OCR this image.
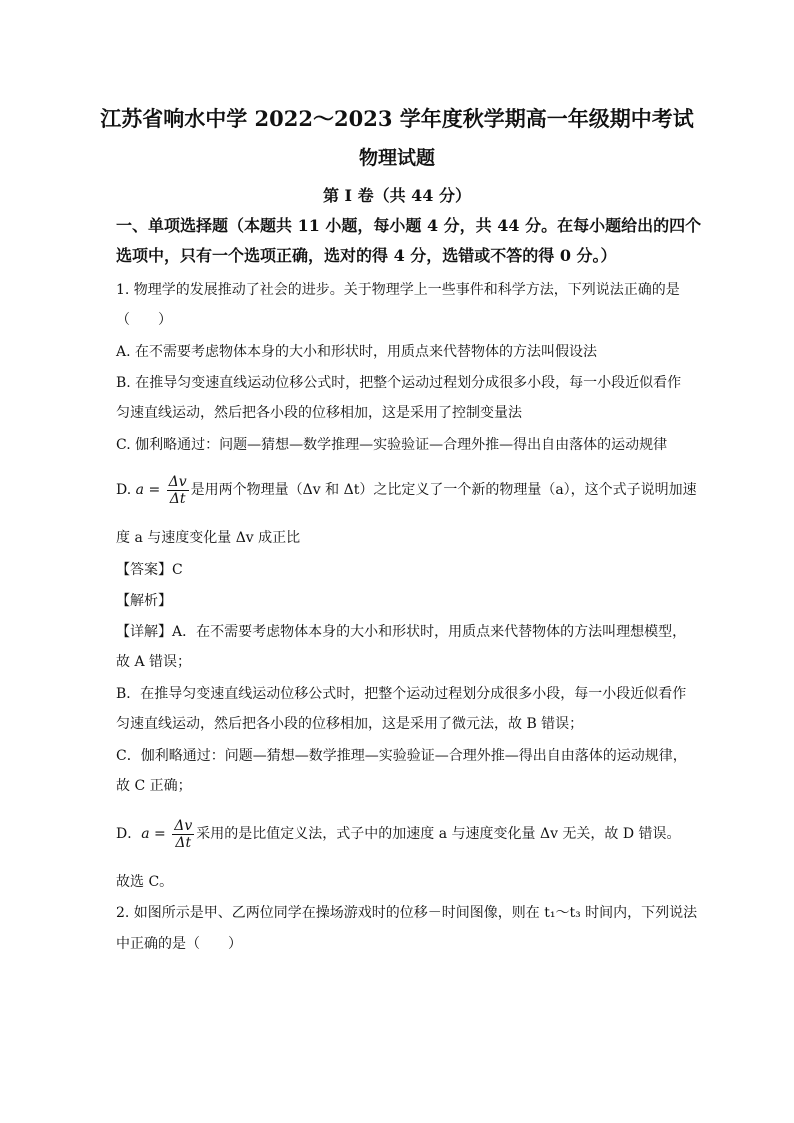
江苏省响水中学 2022～2023 学年度秋学期高一年级期中考试
物理试题
第 I 卷（共 44 分）
一、单项选择题（本题共 11 小题，每小题 4 分，共 44 分。在每小题给出的四个
选项中，只有一个选项正确，选对的得 4 分，选错或不答的得 0 分。）
1. 物理学的发展推动了社会的进步。关于物理学上一些事件和科学方法，下列说法正确的是
（　　）
A. 在不需要考虑物体本身的大小和形状时，用质点来代替物体的方法叫假设法
B. 在推导匀变速直线运动位移公式时，把整个运动过程划分成很多小段，每一小段近似看作
匀速直线运动，然后把各小段的位移相加，这是采用了控制变量法
C. 伽利略通过：问题—猜想—数学推理—实验验证—合理外推—得出自由落体的运动规律
D. $a = \frac{\Delta v}{\Delta t}$ 是用两个物理量（Δv 和 Δt）之比定义了一个新的物理量（a），这个式子说明加速
度 a 与速度变化量 Δv 成正比
【答案】C
【解析】
【详解】A．在不需要考虑物体本身的大小和形状时，用质点来代替物体的方法叫理想模型，
故 A 错误；
B．在推导匀变速直线运动位移公式时，把整个运动过程划分成很多小段，每一小段近似看作
匀速直线运动，然后把各小段的位移相加，这是采用了微元法，故 B 错误；
C．伽利略通过：问题—猜想—数学推理—实验验证—合理外推—得出自由落体的运动规律，
故 C 正确；
D．$a = \frac{\Delta v}{\Delta t}$ 采用的是比值定义法，式子中的加速度 a 与速度变化量 Δv 无关，故 D 错误。
故选 C。
2. 如图所示是甲、乙两位同学在操场游戏时的位移－时间图像，则在 t₁～t₃ 时间内，下列说法
中正确的是（　　）
